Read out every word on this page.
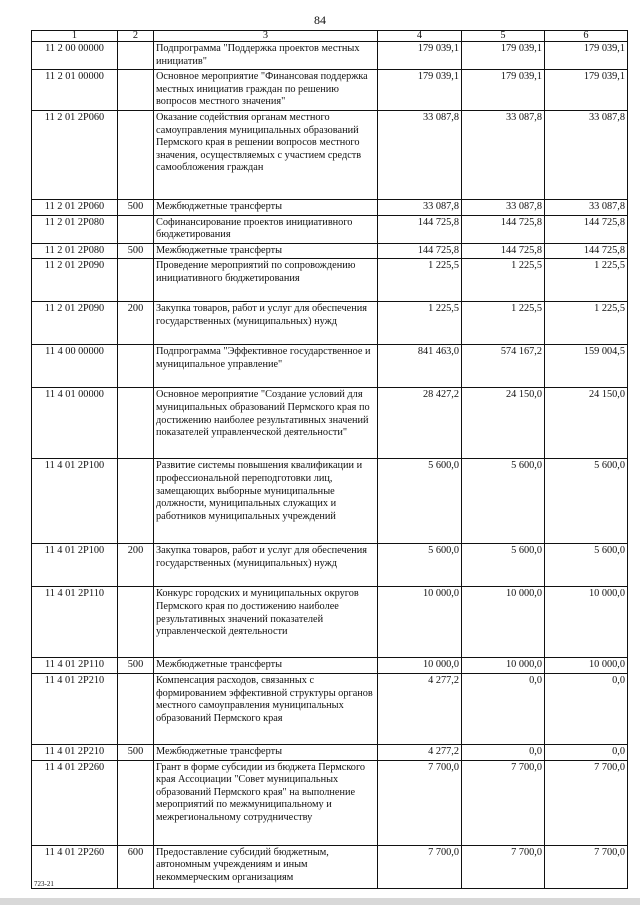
84
1	2	3	4	5	6
11 2 00 00000		Подпрограмма "Поддержка проектов местных инициатив"	179 039,1	179 039,1	179 039,1
11 2 01 00000		Основное мероприятие "Финансовая поддержка местных инициатив граждан по решению вопросов местного значения"	179 039,1	179 039,1	179 039,1
11 2 01 2Р060		Оказание содействия органам местного самоуправления муниципальных образований Пермского края в решении вопросов местного значения, осуществляемых с участием средств самообложения граждан	33 087,8	33 087,8	33 087,8
11 2 01 2Р060	500	Межбюджетные трансферты	33 087,8	33 087,8	33 087,8
11 2 01 2Р080		Софинансирование проектов инициативного бюджетирования	144 725,8	144 725,8	144 725,8
11 2 01 2Р080	500	Межбюджетные трансферты	144 725,8	144 725,8	144 725,8
11 2 01 2Р090		Проведение мероприятий по сопровождению инициативного бюджетирования	1 225,5	1 225,5	1 225,5
11 2 01 2Р090	200	Закупка товаров, работ и услуг для обеспечения государственных (муниципальных) нужд	1 225,5	1 225,5	1 225,5
11 4 00 00000		Подпрограмма "Эффективное государственное и муниципальное управление"	841 463,0	574 167,2	159 004,5
11 4 01 00000		Основное мероприятие "Создание условий для муниципальных образований Пермского края по достижению наиболее результативных значений показателей управленческой деятельности"	28 427,2	24 150,0	24 150,0
11 4 01 2Р100		Развитие системы повышения квалификации и профессиональной переподготовки лиц, замещающих выборные муниципальные должности, муниципальных служащих и работников муниципальных учреждений	5 600,0	5 600,0	5 600,0
11 4 01 2Р100	200	Закупка товаров, работ и услуг для обеспечения государственных (муниципальных) нужд	5 600,0	5 600,0	5 600,0
11 4 01 2Р110		Конкурс городских и муниципальных округов Пермского края по достижению наиболее результативных значений показателей управленческой деятельности	10 000,0	10 000,0	10 000,0
11 4 01 2Р110	500	Межбюджетные трансферты	10 000,0	10 000,0	10 000,0
11 4 01 2Р210		Компенсация расходов, связанных с формированием эффективной структуры органов местного самоуправления муниципальных образований Пермского края	4 277,2	0,0	0,0
11 4 01 2Р210	500	Межбюджетные трансферты	4 277,2	0,0	0,0
11 4 01 2Р260		Грант в форме субсидии из бюджета Пермского края Ассоциации "Совет муниципальных образований Пермского края" на выполнение мероприятий по межмуниципальному и межрегиональному сотрудничеству	7 700,0	7 700,0	7 700,0
11 4 01 2Р260	600	Предоставление субсидий бюджетным, автономным учреждениям и иным некоммерческим организациям	7 700,0	7 700,0	7 700,0
723-21
